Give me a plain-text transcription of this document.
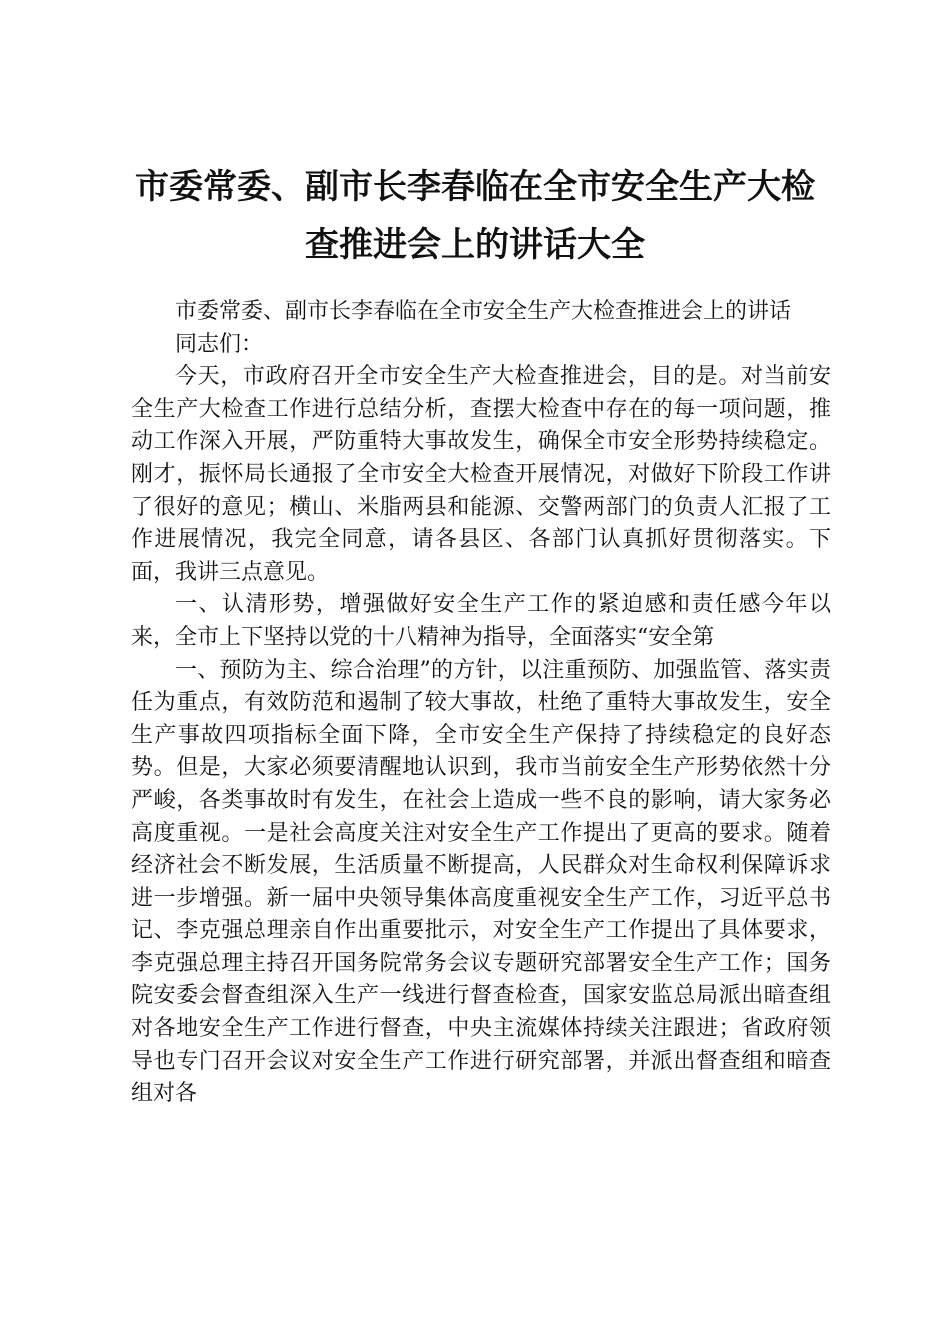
市委常委、副市长李春临在全市安全生产大检
查推进会上的讲话大全

市委常委、副市长李春临在全市安全生产大检查推进会上的讲话

同志们：

今天，市政府召开全市安全生产大检查推进会，目的是。对当前安全生产大检查工作进行总结分析，查摆大检查中存在的每一项问题，推动工作深入开展，严防重特大事故发生，确保全市安全形势持续稳定。刚才，振怀局长通报了全市安全大检查开展情况，对做好下阶段工作讲了很好的意见；横山、米脂两县和能源、交警两部门的负责人汇报了工作进展情况，我完全同意，请各县区、各部门认真抓好贯彻落实。下面，我讲三点意见。

一、认清形势，增强做好安全生产工作的紧迫感和责任感今年以来，全市上下坚持以党的十八精神为指导，全面落实“安全第

一、预防为主、综合治理”的方针，以注重预防、加强监管、落实责任为重点，有效防范和遏制了较大事故，杜绝了重特大事故发生，安全生产事故四项指标全面下降，全市安全生产保持了持续稳定的良好态势。但是，大家必须要清醒地认识到，我市当前安全生产形势依然十分严峻，各类事故时有发生，在社会上造成一些不良的影响，请大家务必高度重视。一是社会高度关注对安全生产工作提出了更高的要求。随着经济社会不断发展，生活质量不断提高，人民群众对生命权利保障诉求进一步增强。新一届中央领导集体高度重视安全生产工作，习近平总书记、李克强总理亲自作出重要批示，对安全生产工作提出了具体要求，李克强总理主持召开国务院常务会议专题研究部署安全生产工作；国务院安委会督查组深入生产一线进行督查检查，国家安监总局派出暗查组对各地安全生产工作进行督查，中央主流媒体持续关注跟进；省政府领导也专门召开会议对安全生产工作进行研究部署，并派出督查组和暗查组对各
